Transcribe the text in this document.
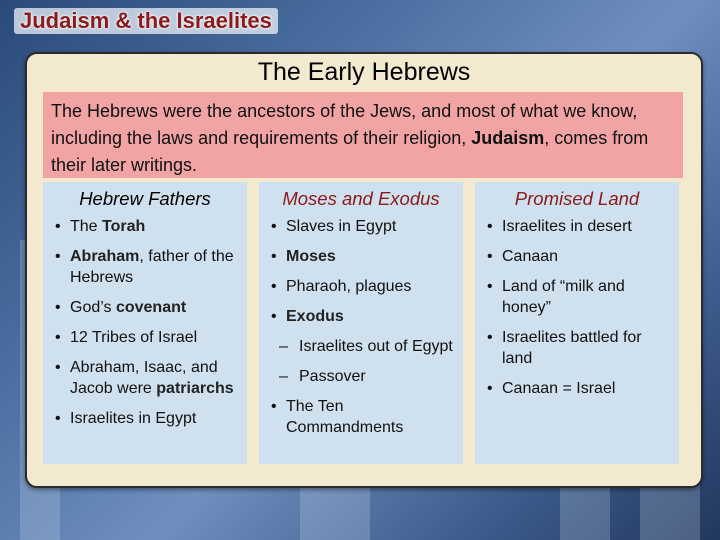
Judaism & the Israelites
The Early Hebrews
The Hebrews were the ancestors of the Jews, and most of what we know, including the laws and requirements of their religion, Judaism, comes from their later writings.
Hebrew Fathers
• The Torah
• Abraham, father of the Hebrews
• God’s covenant
• 12 Tribes of Israel
• Abraham, Isaac, and Jacob were patriarchs
• Israelites in Egypt
Moses and Exodus
• Slaves in Egypt
• Moses
• Pharaoh, plagues
• Exodus
– Israelites out of Egypt
– Passover
• The Ten Commandments
Promised Land
• Israelites in desert
• Canaan
• Land of “milk and honey”
• Israelites battled for land
• Canaan = Israel
